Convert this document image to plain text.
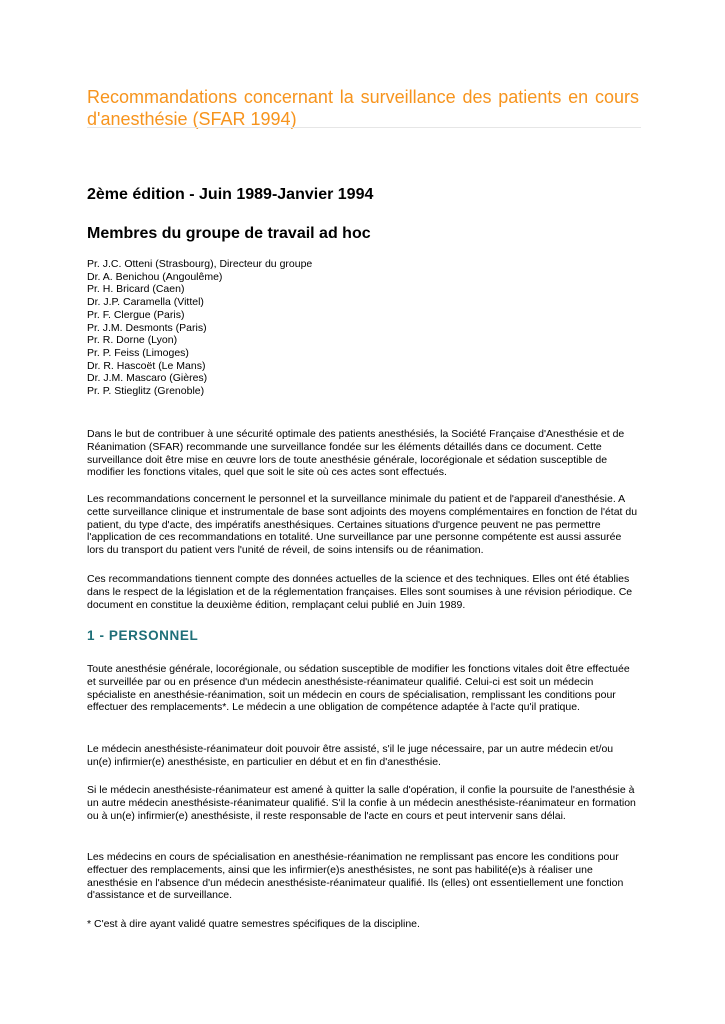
Recommandations concernant la surveillance des patients en cours d'anesthésie (SFAR 1994)
2ème édition - Juin 1989-Janvier 1994
Membres du groupe de travail ad hoc
Pr. J.C. Otteni (Strasbourg), Directeur du groupe
Dr. A. Benichou (Angoulême)
Pr. H. Bricard (Caen)
Dr. J.P. Caramella (Vittel)
Pr. F. Clergue (Paris)
Pr. J.M. Desmonts (Paris)
Pr. R. Dorne (Lyon)
Pr. P. Feiss (Limoges)
Dr. R. Hascoët (Le Mans)
Dr. J.M. Mascaro (Gières)
Pr. P. Stieglitz (Grenoble)

Dans le but de contribuer à une sécurité optimale des patients anesthésiés, la Société Française d'Anesthésie et de Réanimation (SFAR) recommande une surveillance fondée sur les éléments détaillés dans ce document. Cette surveillance doit être mise en œuvre lors de toute anesthésie générale, locorégionale et sédation susceptible de modifier les fonctions vitales, quel que soit le site où ces actes sont effectués.

Les recommandations concernent le personnel et la surveillance minimale du patient et de l'appareil d'anesthésie. A cette surveillance clinique et instrumentale de base sont adjoints des moyens complémentaires en fonction de l'état du patient, du type d'acte, des impératifs anesthésiques. Certaines situations d'urgence peuvent ne pas permettre l'application de ces recommandations en totalité. Une surveillance par une personne compétente est aussi assurée lors du transport du patient vers l'unité de réveil, de soins intensifs ou de réanimation.

Ces recommandations tiennent compte des données actuelles de la science et des techniques. Elles ont été établies dans le respect de la législation et de la réglementation françaises. Elles sont soumises à une révision périodique. Ce document en constitue la deuxième édition, remplaçant celui publié en Juin 1989.

1 - PERSONNEL

Toute anesthésie générale, locorégionale, ou sédation susceptible de modifier les fonctions vitales doit être effectuée et surveillée par ou en présence d'un médecin anesthésiste-réanimateur qualifié. Celui-ci est soit un médecin spécialiste en anesthésie-réanimation, soit un médecin en cours de spécialisation, remplissant les conditions pour effectuer des remplacements*. Le médecin a une obligation de compétence adaptée à l'acte qu'il pratique.

Le médecin anesthésiste-réanimateur doit pouvoir être assisté, s'il le juge nécessaire, par un autre médecin et/ou un(e) infirmier(e) anesthésiste, en particulier en début et en fin d'anesthésie.

Si le médecin anesthésiste-réanimateur est amené à quitter la salle d'opération, il confie la poursuite de l'anesthésie à un autre médecin anesthésiste-réanimateur qualifié. S'il la confie à un médecin anesthésiste-réanimateur en formation ou à un(e) infirmier(e) anesthésiste, il reste responsable de l'acte en cours et peut intervenir sans délai.

Les médecins en cours de spécialisation en anesthésie-réanimation ne remplissant pas encore les conditions pour effectuer des remplacements, ainsi que les infirmier(e)s anesthésistes, ne sont pas habilité(e)s à réaliser une anesthésie en l'absence d'un médecin anesthésiste-réanimateur qualifié. Ils (elles) ont essentiellement une fonction d'assistance et de surveillance.

* C'est à dire ayant validé quatre semestres spécifiques de la discipline.
